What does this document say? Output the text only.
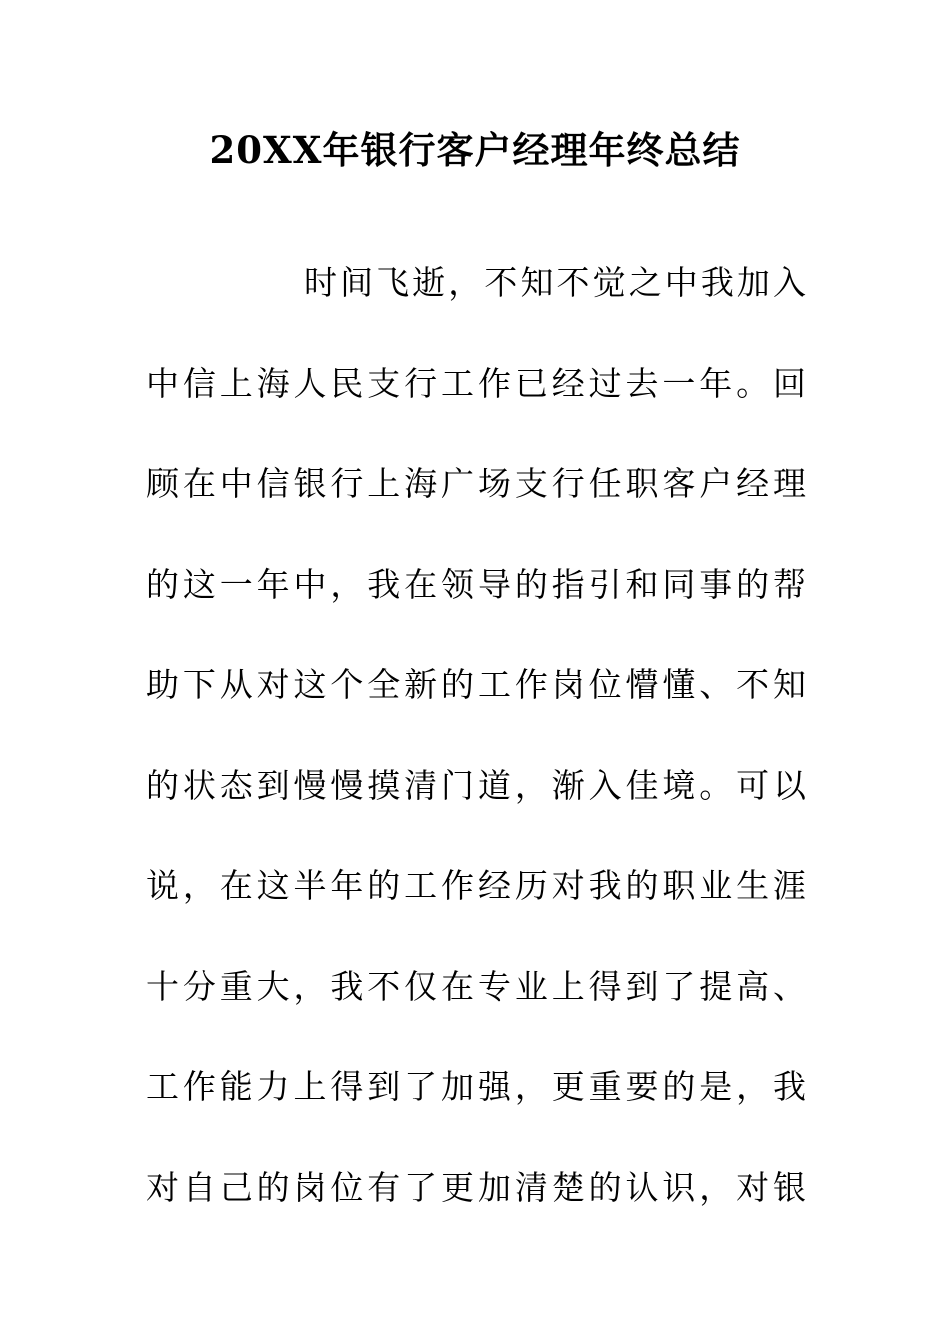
20XX年银行客户经理年终总结
时间飞逝，不知不觉之中我加入
中信上海人民支行工作已经过去一年。回
顾在中信银行上海广场支行任职客户经理
的这一年中，我在领导的指引和同事的帮
助下从对这个全新的工作岗位懵懂、不知
的状态到慢慢摸清门道，渐入佳境。可以
说，在这半年的工作经历对我的职业生涯
十分重大，我不仅在专业上得到了提高、
工作能力上得到了加强，更重要的是，我
对自己的岗位有了更加清楚的认识，对银
